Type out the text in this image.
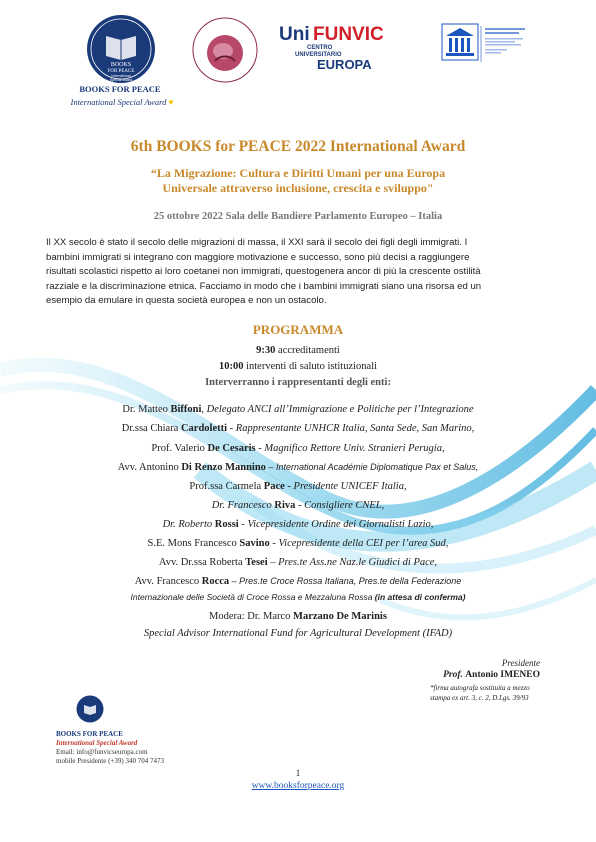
BOOKS
FOR PEACE
International
Special Award
BOOKS FOR PEACE
International Special Award ♥
Uni FUNVIC
CENTRO
UNIVERSITARIO
EUROPA
6th BOOKS for PEACE 2022 International Award
“La Migrazione: Cultura e Diritti Umani per una Europa
Universale attraverso inclusione, crescita e sviluppo"
25 ottobre 2022 Sala delle Bandiere Parlamento Europeo – Italia
Il XX secolo è stato il secolo delle migrazioni di massa, il XXI sarà il secolo dei figli degli immigrati. I
bambini immigrati si integrano con maggiore motivazione e successo, sono più decisi a raggiungere
risultati scolastici rispetto ai loro coetanei non immigrati, questogenera ancor di più la crescente ostilità
razziale e la discriminazione etnica. Facciamo in modo che i bambini immigrati siano una risorsa ed un
esempio da emulare in questa società europea e non un ostacolo.
PROGRAMMA
9:30 accreditamenti
10:00 interventi di saluto istituzionali
Interverranno i rappresentanti degli enti:
Dr. Matteo Biffoni, Delegato ANCI all’Immigrazione e Politiche per l’Integrazione
Dr.ssa Chiara Cardoletti - Rappresentante UNHCR Italia, Santa Sede, San Marino,
Prof. Valerio De Cesaris - Magnifico Rettore Univ. Stranieri Perugia,
Avv. Antonino Di Renzo Mannino – International Académie Diplomatique Pax et Salus,
Prof.ssa Carmela Pace - Presidente UNICEF Italia,
Dr. Francesco Riva - Consigliere CNEL,
Dr. Roberto Rossi - Vicepresidente Ordine dei Giornalisti Lazio,
S.E. Mons Francesco Savino - Vicepresidente della CEI per l’area Sud,
Avv. Dr.ssa Roberta Tesei – Pres.te Ass.ne Naz.le Giudici di Pace,
Avv. Francesco Rocca – Pres.te Croce Rossa Italiana, Pres.te della Federazione
Internazionale delle Società di Croce Rossa e Mezzaluna Rossa (in attesa di conferma)
Modera: Dr. Marco Marzano De Marinis
Special Advisor International Fund for Agricultural Development (IFAD)
Presidente
Prof. Antonio IMENEO
*firma autografa sostituita a mezzo stampa ex art. 3, c. 2, D.Lgs. 39/93
BOOKS FOR PEACE
International Special Award
Email: info@funvicseuropa.com
mobile Presidente (+39) 340 704 7473
1
www.booksforpeace.org
